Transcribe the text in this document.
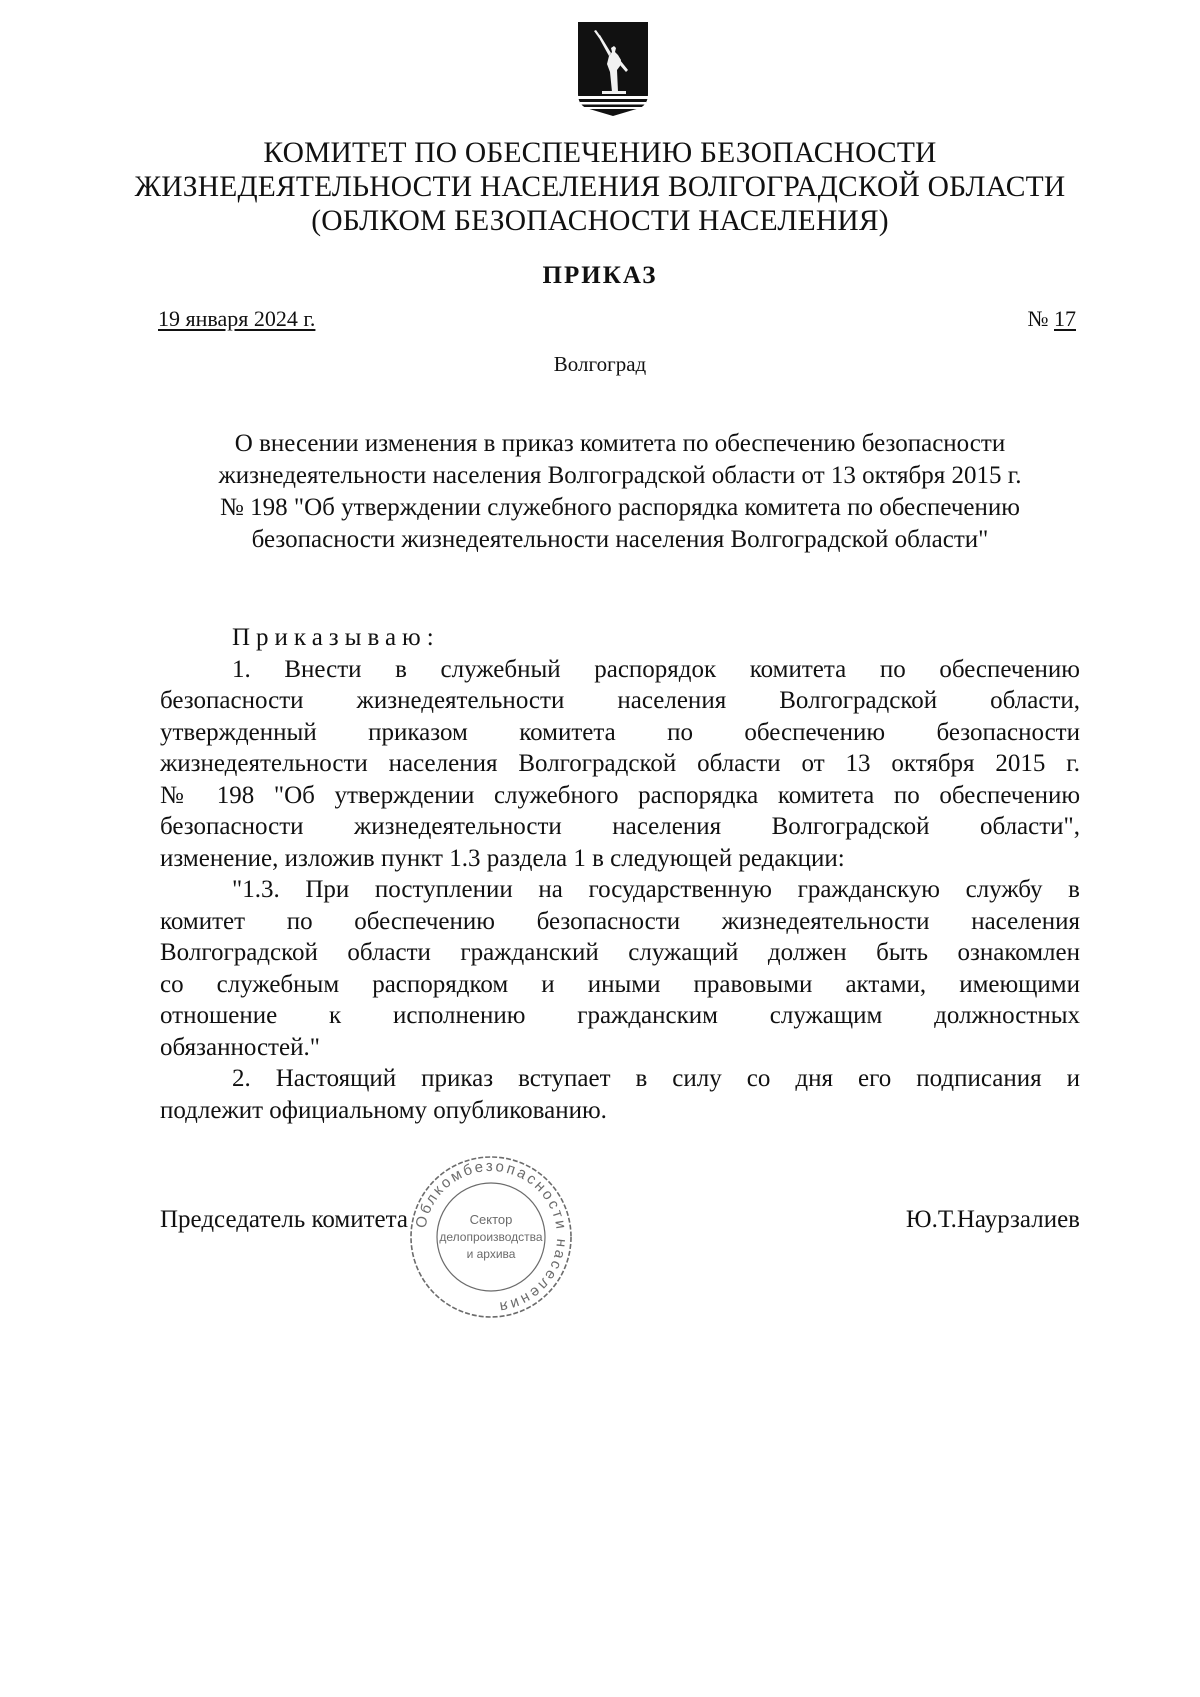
КОМИТЕТ ПО ОБЕСПЕЧЕНИЮ БЕЗОПАСНОСТИ
ЖИЗНЕДЕЯТЕЛЬНОСТИ НАСЕЛЕНИЯ ВОЛГОГРАДСКОЙ ОБЛАСТИ
(ОБЛКОМ БЕЗОПАСНОСТИ НАСЕЛЕНИЯ)
ПРИКАЗ
19 января 2024 г.	№ 17
Волгоград
О внесении изменения в приказ комитета по обеспечению безопасности
жизнедеятельности населения Волгоградской области от 13 октября 2015 г.
№ 198 "Об утверждении служебного распорядка комитета по обеспечению
безопасности жизнедеятельности населения Волгоградской области"
Приказываю:
1. Внести в служебный распорядок комитета по обеспечению
безопасности жизнедеятельности населения Волгоградской области,
утвержденный приказом комитета по обеспечению безопасности
жизнедеятельности населения Волгоградской области от 13 октября 2015 г.
№ 198 "Об утверждении служебного распорядка комитета по обеспечению
безопасности жизнедеятельности населения Волгоградской области",
изменение, изложив пункт 1.3 раздела 1 в следующей редакции:
"1.3. При поступлении на государственную гражданскую службу в
комитет по обеспечению безопасности жизнедеятельности населения
Волгоградской области гражданский служащий должен быть ознакомлен
со служебным распорядком и иными правовыми актами, имеющими
отношение к исполнению гражданским служащим должностных
обязанностей."
2. Настоящий приказ вступает в силу со дня его подписания и
подлежит официальному опубликованию.
Облкомбезопасности населения
Сектор
делопроизводства
и архива
Председатель комитета	Ю.Т.Наурзалиев
